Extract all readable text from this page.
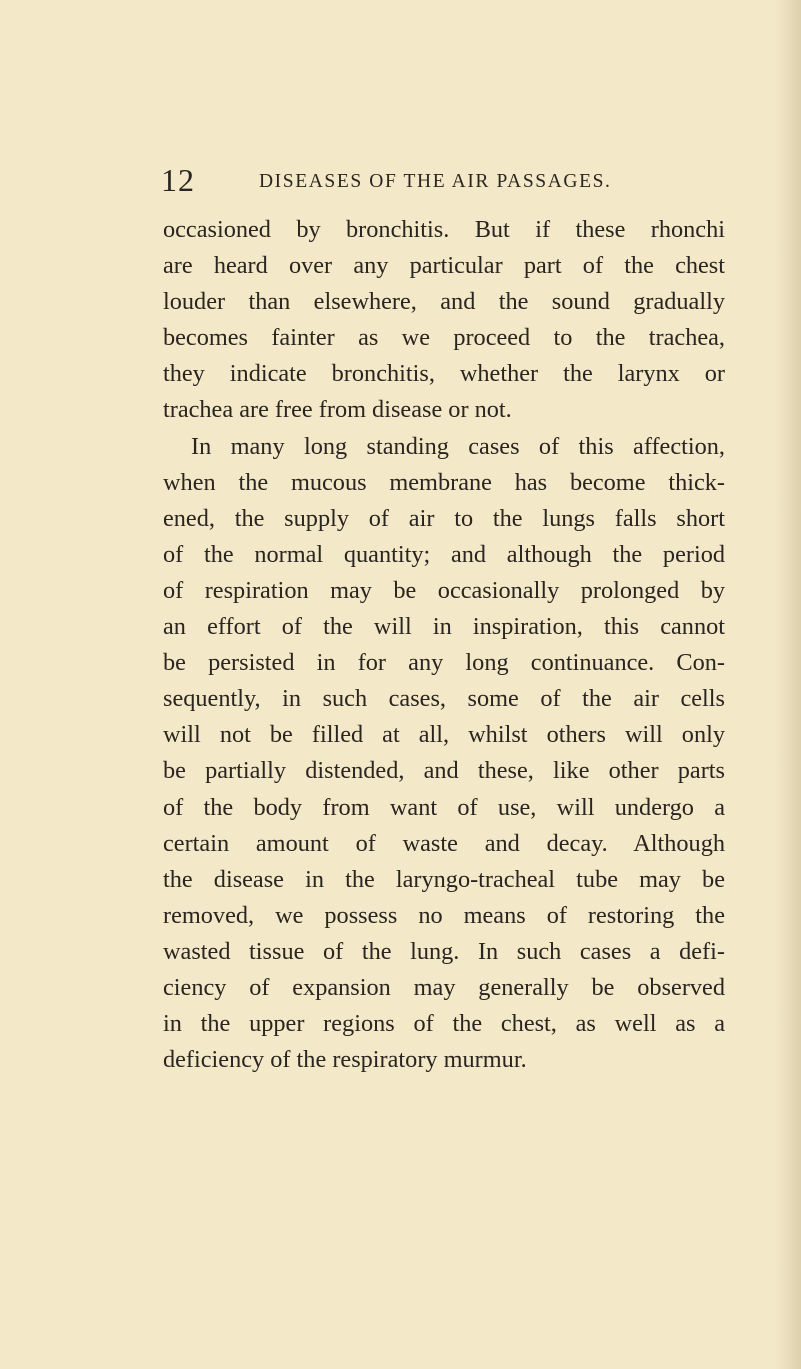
12	DISEASES OF THE AIR PASSAGES.
occasioned by bronchitis. But if these rhonchi
are heard over any particular part of the chest
louder than elsewhere, and the sound gradually
becomes fainter as we proceed to the trachea,
they indicate bronchitis, whether the larynx or
trachea are free from disease or not.
In many long standing cases of this affection,
when the mucous membrane has become thick-
ened, the supply of air to the lungs falls short
of the normal quantity; and although the period
of respiration may be occasionally prolonged by
an effort of the will in inspiration, this cannot
be persisted in for any long continuance. Con-
sequently, in such cases, some of the air cells
will not be filled at all, whilst others will only
be partially distended, and these, like other parts
of the body from want of use, will undergo a
certain amount of waste and decay. Although
the disease in the laryngo-tracheal tube may be
removed, we possess no means of restoring the
wasted tissue of the lung. In such cases a defi-
ciency of expansion may generally be observed
in the upper regions of the chest, as well as a
deficiency of the respiratory murmur.
